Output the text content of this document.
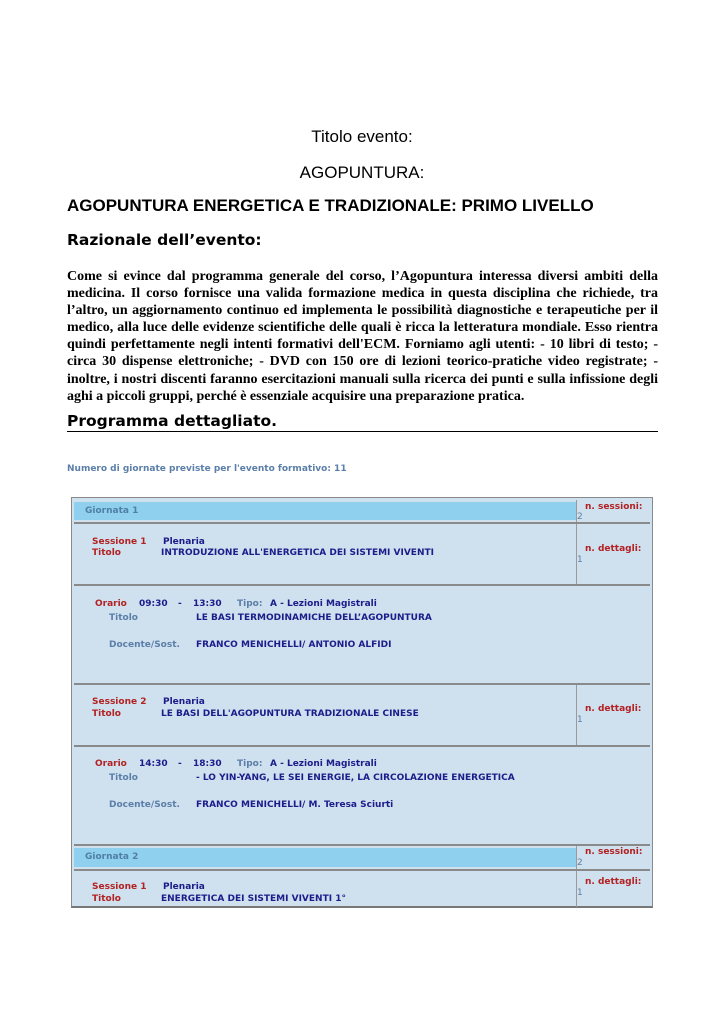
Titolo evento:
AGOPUNTURA:
AGOPUNTURA ENERGETICA E TRADIZIONALE: PRIMO LIVELLO
Razionale dell’evento:

Come si evince dal programma generale del corso, l’Agopuntura interessa diversi ambiti della medicina. Il corso fornisce una valida formazione medica in questa disciplina che richiede, tra l’altro, un aggiornamento continuo ed implementa le possibilità diagnostiche e terapeutiche per il medico, alla luce delle evidenze scientifiche delle quali è ricca la letteratura mondiale. Esso rientra quindi perfettamente negli intenti formativi dell'ECM. Forniamo agli utenti: - 10 libri di testo; - circa 30 dispense elettroniche; - DVD con 150 ore di lezioni teorico-pratiche video registrate; - inoltre, i nostri discenti faranno esercitazioni manuali sulla ricerca dei punti e sulla infissione degli aghi a piccoli gruppi, perché è essenziale acquisire una preparazione pratica.

Programma dettagliato.
Numero di giornate previste per l'evento formativo: 11
Giornata 1	n. sessioni:
2
Sessione 1 Plenaria
Titolo	INTRODUZIONE ALL'ENERGETICA DEI SISTEMI VIVENTI	n. dettagli:
1
Orario 09:30 - 13:30 Tipo: A - Lezioni Magistrali
Titolo	LE BASI TERMODINAMICHE DELL’AGOPUNTURA
Docente/Sost. FRANCO MENICHELLI/ ANTONIO ALFIDI
Sessione 2 Plenaria
Titolo	LE BASI DELL'AGOPUNTURA TRADIZIONALE CINESE	n. dettagli:
1
Orario 14:30 - 18:30 Tipo: A - Lezioni Magistrali
Titolo	- LO YIN-YANG, LE SEI ENERGIE, LA CIRCOLAZIONE ENERGETICA
Docente/Sost. FRANCO MENICHELLI/ M. Teresa Sciurti
Giornata 2	n. sessioni:
2
Sessione 1 Plenaria
Titolo	ENERGETICA DEI SISTEMI VIVENTI 1°
n. dettagli:
1
